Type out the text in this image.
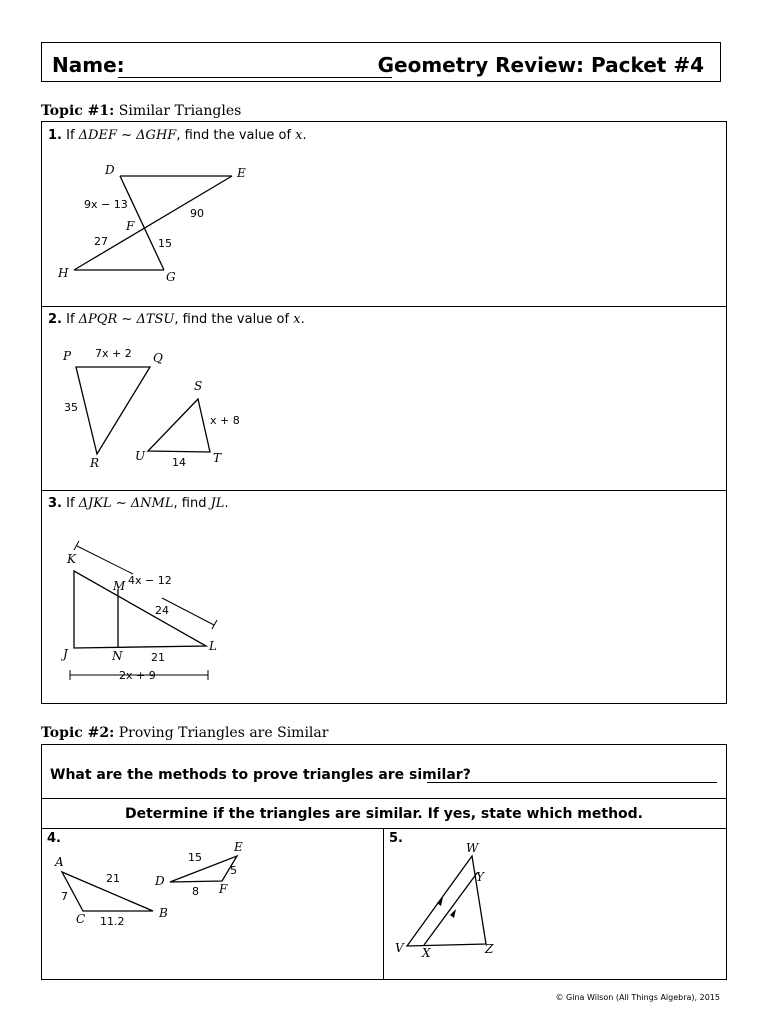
Name:	Geometry Review: Packet #4
Topic #1: Similar Triangles
1. If ΔDEF ~ ΔGHF, find the value of x.
D	E
F
G
H
9x − 13
90
27	15
2. If ΔPQR ~ ΔTSU, find the value of x.
P	Q
R
S
T
U
7x + 2
35
x + 8
14
3. If ΔJKL ~ ΔNML, find JL.
K
M
J	N
L
4x − 12
24
21
2x + 9
Topic #2: Proving Triangles are Similar
What are the methods to prove triangles are similar?
Determine if the triangles are similar. If yes, state which method.
4.	5.
A
B
C
D
E
F
21
7
11.2
15
5
8
W
Y
V X	Z
© Gina Wilson (All Things Algebra), 2015
